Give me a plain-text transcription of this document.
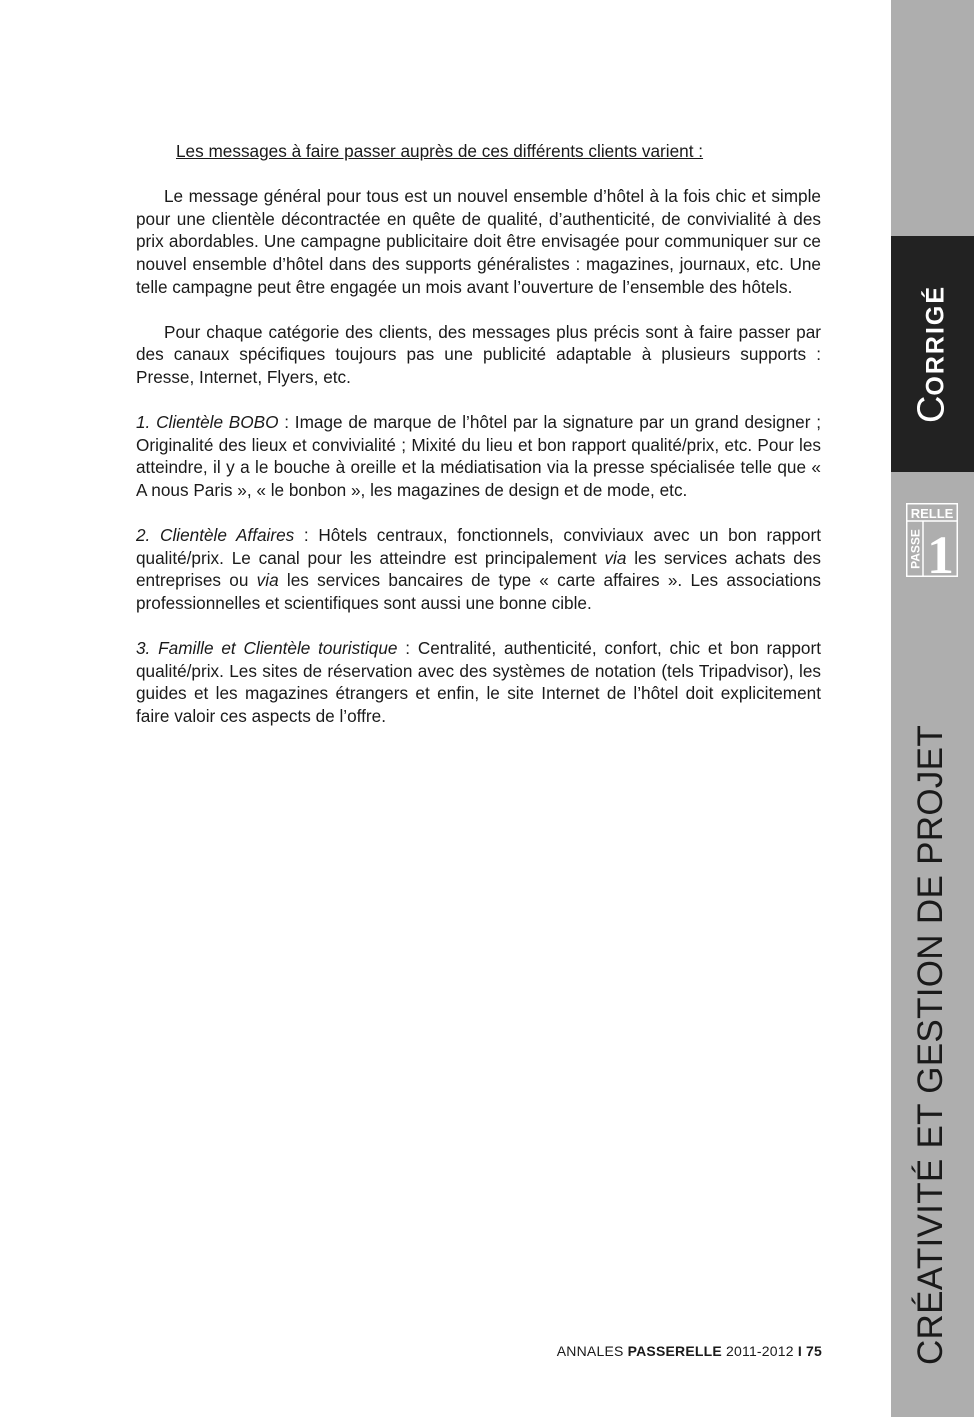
Les messages à faire passer auprès de ces différents clients varient :

Le message général pour tous est un nouvel ensemble d’hôtel à la fois chic et simple pour une clientèle décontractée en quête de qualité, d’authenticité, de convivialité à des prix abordables. Une campagne publicitaire doit être envisagée pour communiquer sur ce nouvel ensemble d’hôtel dans des supports généralistes : magazines, journaux, etc. Une telle campagne peut être engagée un mois avant l’ouverture de l’ensemble des hôtels.

Pour chaque catégorie des clients, des messages plus précis sont à faire passer par des canaux spécifiques toujours pas une publicité adaptable à plusieurs supports : Presse, Internet, Flyers, etc.

1. Clientèle BOBO : Image de marque de l’hôtel par la signature par un grand designer ; Originalité des lieux et convivialité ; Mixité du lieu et bon rapport qualité/prix, etc. Pour les atteindre, il y a le bouche à oreille et la médiatisation via la presse spécialisée telle que « A nous Paris », « le bonbon », les magazines de design et de mode, etc.

2. Clientèle Affaires : Hôtels centraux, fonctionnels, conviviaux avec un bon rapport qualité/prix. Le canal pour les atteindre est principalement via les services achats des entreprises ou via les services bancaires de type « carte affaires ». Les associations professionnelles et scientifiques sont aussi une bonne cible.

3. Famille et Clientèle touristique : Centralité, authenticité, confort, chic et bon rapport qualité/prix. Les sites de réservation avec des systèmes de notation (tels Tripadvisor), les guides et les magazines étrangers et enfin, le site Internet de l’hôtel doit explicitement faire valoir ces aspects de l’offre.

ANNALES PASSERELLE 2011-2012 I 75
CORRIGÉ
RELLE
PASSE 1
CRÉATIVITÉ ET GESTION DE PROJET
